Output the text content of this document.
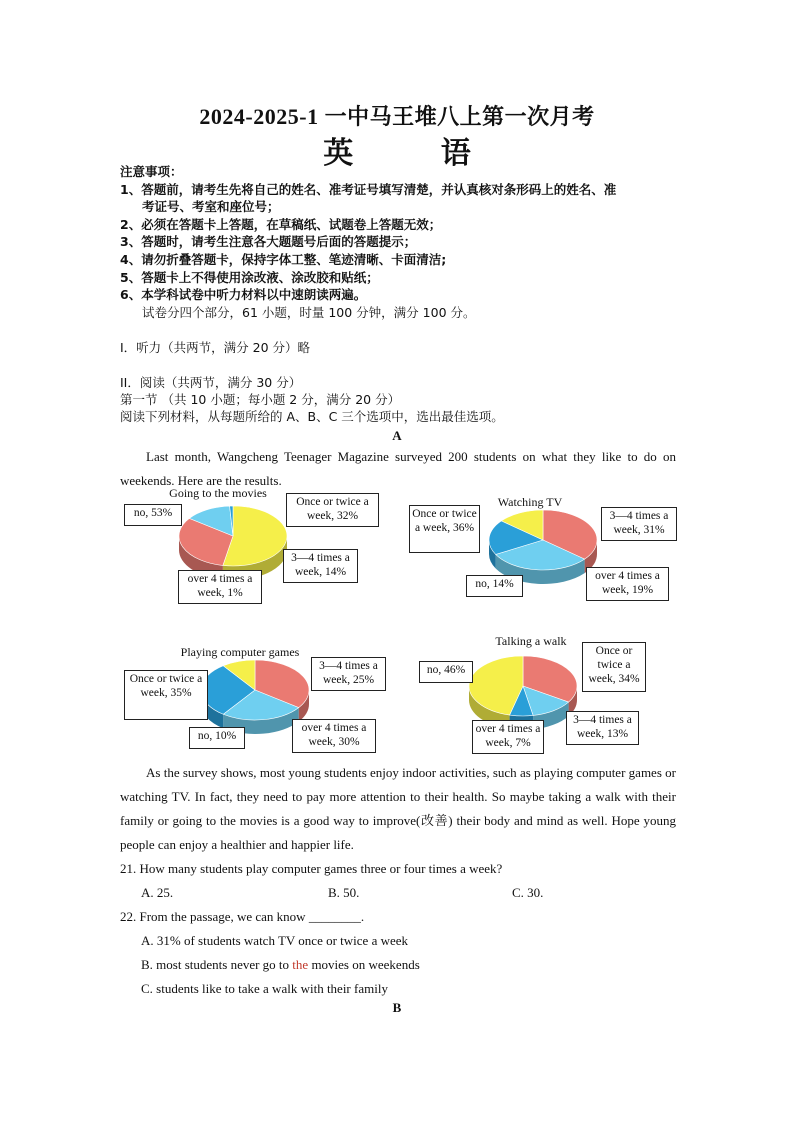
2024-2025-1 一中马王堆八上第一次月考
英 语
注意事项：
1、答题前，请考生先将自己的姓名、准考证号填写清楚，并认真核对条形码上的姓名、准
考证号、考室和座位号；
2、必须在答题卡上答题，在草稿纸、试题卷上答题无效；
3、答题时，请考生注意各大题题号后面的答题提示；
4、请勿折叠答题卡，保持字体工整、笔迹清晰、卡面清洁;
5、答题卡上不得使用涂改液、涂改胶和贴纸；
6、本学科试卷中听力材料以中速朗读两遍。
试卷分四个部分，61 小题，时量 100 分钟，满分 100 分。
I．听力（共两节，满分 20 分）略
II．阅读（共两节，满分 30 分）
第一节 （共 10 小题；每小题 2 分，满分 20 分）
阅读下列材料，从每题所给的 A、B、C 三个选项中，选出最佳选项。
A
Last month, Wangcheng Teenager Magazine surveyed 200 students on what they like to do on weekends. Here are the results.
Going to the movies
Watching TV
Playing computer games
Talking a walk
no, 53%
Once or twice a week, 32%
3—4 times a week, 14%
over 4 times a week, 1%
Once or twice a week, 36%
3—4 times a week, 31%
over 4 times a week, 19%
no, 14%
Once or twice a week, 35%
3—4 times a week, 25%
over 4 times a week, 30%
no, 10%
Once or twice a week, 34%
3—4 times a week, 13%
over 4 times a week, 7%
no, 46%
As the survey shows, most young students enjoy indoor activities, such as playing computer games or watching TV. In fact, they need to pay more attention to their health. So maybe taking a walk with their family or going to the movies is a good way to improve(改善) their body and mind as well. Hope young people can enjoy a healthier and happier life.
21. How many students play computer games three or four times a week?
A. 25.	B. 50.	C. 30.
22. From the passage, we can know ________.
A. 31% of students watch TV once or twice a week
B. most students never go to the movies on weekends
C. students like to take a walk with their family
B
